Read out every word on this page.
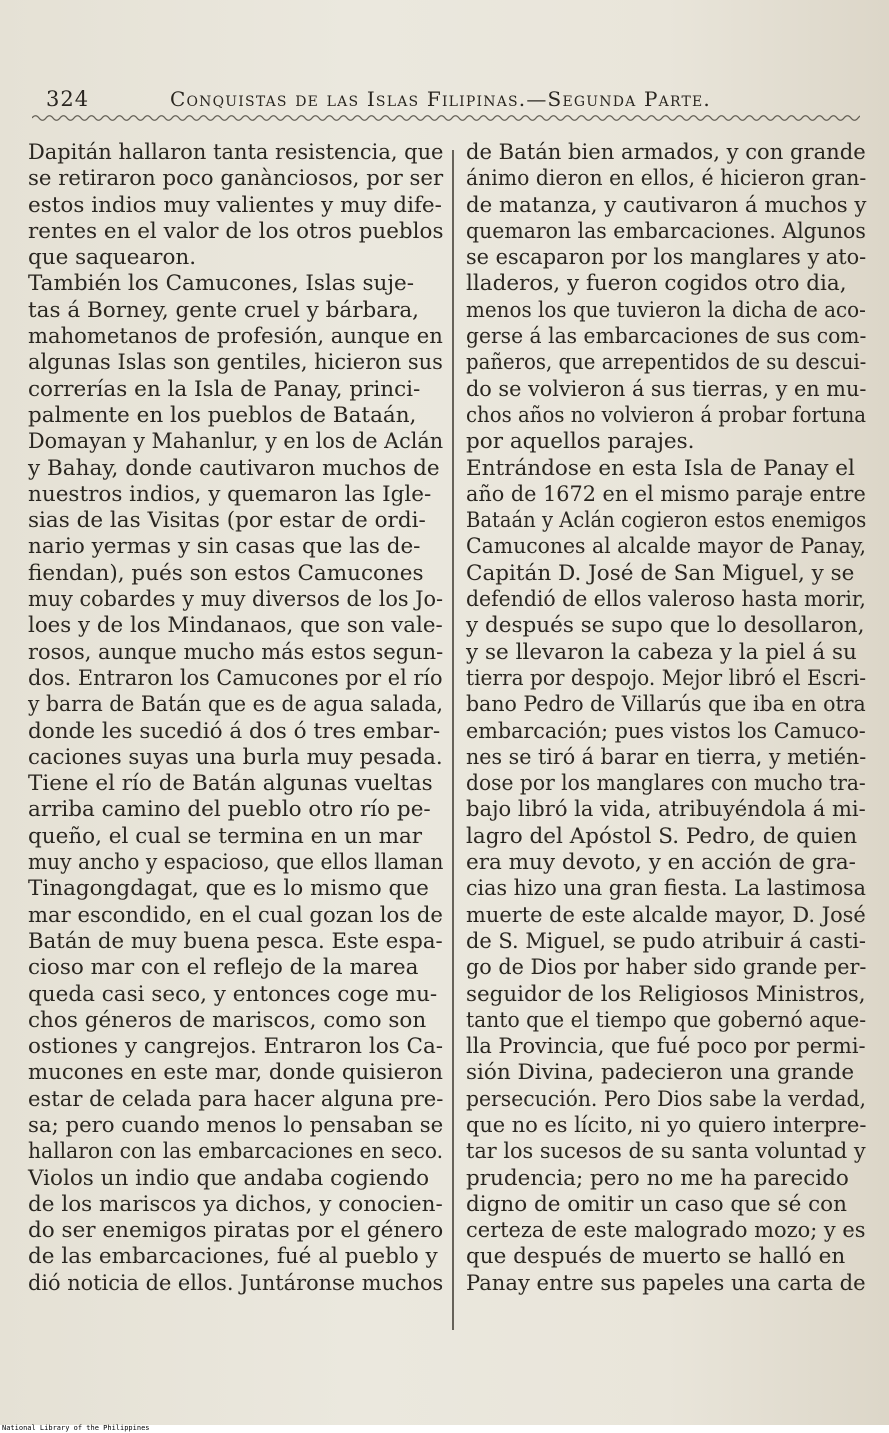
324	Conquistas de las Islas Filipinas.—Segunda Parte.
Dapitán hallaron tanta resistencia, que
se retiraron poco ganànciosos, por ser
estos indios muy valientes y muy dife-
rentes en el valor de los otros pueblos
que saquearon.
También los Camucones, Islas suje-
tas á Borney, gente cruel y bárbara,
mahometanos de profesión, aunque en
algunas Islas son gentiles, hicieron sus
correrías en la Isla de Panay, princi-
palmente en los pueblos de Bataán,
Domayan y Mahanlur, y en los de Aclán
y Bahay, donde cautivaron muchos de
nuestros indios, y quemaron las Igle-
sias de las Visitas (por estar de ordi-
nario yermas y sin casas que las de-
fiendan), pués son estos Camucones
muy cobardes y muy diversos de los Jo-
loes y de los Mindanaos, que son vale-
rosos, aunque mucho más estos segun-
dos. Entraron los Camucones por el río
y barra de Batán que es de agua salada,
donde les sucedió á dos ó tres embar-
caciones suyas una burla muy pesada.
Tiene el río de Batán algunas vueltas
arriba camino del pueblo otro río pe-
queño, el cual se termina en un mar
muy ancho y espacioso, que ellos llaman
Tinagongdagat, que es lo mismo que
mar escondido, en el cual gozan los de
Batán de muy buena pesca. Este espa-
cioso mar con el reflejo de la marea
queda casi seco, y entonces coge mu-
chos géneros de mariscos, como son
ostiones y cangrejos. Entraron los Ca-
mucones en este mar, donde quisieron
estar de celada para hacer alguna pre-
sa; pero cuando menos lo pensaban se
hallaron con las embarcaciones en seco.
Violos un indio que andaba cogiendo
de los mariscos ya dichos, y conocien-
do ser enemigos piratas por el género
de las embarcaciones, fué al pueblo y
dió noticia de ellos. Juntáronse muchos
de Batán bien armados, y con grande
ánimo dieron en ellos, é hicieron gran-
de matanza, y cautivaron á muchos y
quemaron las embarcaciones. Algunos
se escaparon por los manglares y ato-
lladeros, y fueron cogidos otro dia,
menos los que tuvieron la dicha de aco-
gerse á las embarcaciones de sus com-
pañeros, que arrepentidos de su descui-
do se volvieron á sus tierras, y en mu-
chos años no volvieron á probar fortuna
por aquellos parajes.
Entrándose en esta Isla de Panay el
año de 1672 en el mismo paraje entre
Bataán y Aclán cogieron estos enemigos
Camucones al alcalde mayor de Panay,
Capitán D. José de San Miguel, y se
defendió de ellos valeroso hasta morir,
y después se supo que lo desollaron,
y se llevaron la cabeza y la piel á su
tierra por despojo. Mejor libró el Escri-
bano Pedro de Villarús que iba en otra
embarcación; pues vistos los Camuco-
nes se tiró á barar en tierra, y metién-
dose por los manglares con mucho tra-
bajo libró la vida, atribuyéndola á mi-
lagro del Apóstol S. Pedro, de quien
era muy devoto, y en acción de gra-
cias hizo una gran fiesta. La lastimosa
muerte de este alcalde mayor, D. José
de S. Miguel, se pudo atribuir á casti-
go de Dios por haber sido grande per-
seguidor de los Religiosos Ministros,
tanto que el tiempo que gobernó aque-
lla Provincia, que fué poco por permi-
sión Divina, padecieron una grande
persecución. Pero Dios sabe la verdad,
que no es lícito, ni yo quiero interpre-
tar los sucesos de su santa voluntad y
prudencia; pero no me ha parecido
digno de omitir un caso que sé con
certeza de este malogrado mozo; y es
que después de muerto se halló en
Panay entre sus papeles una carta de
National Library of the Philippines
